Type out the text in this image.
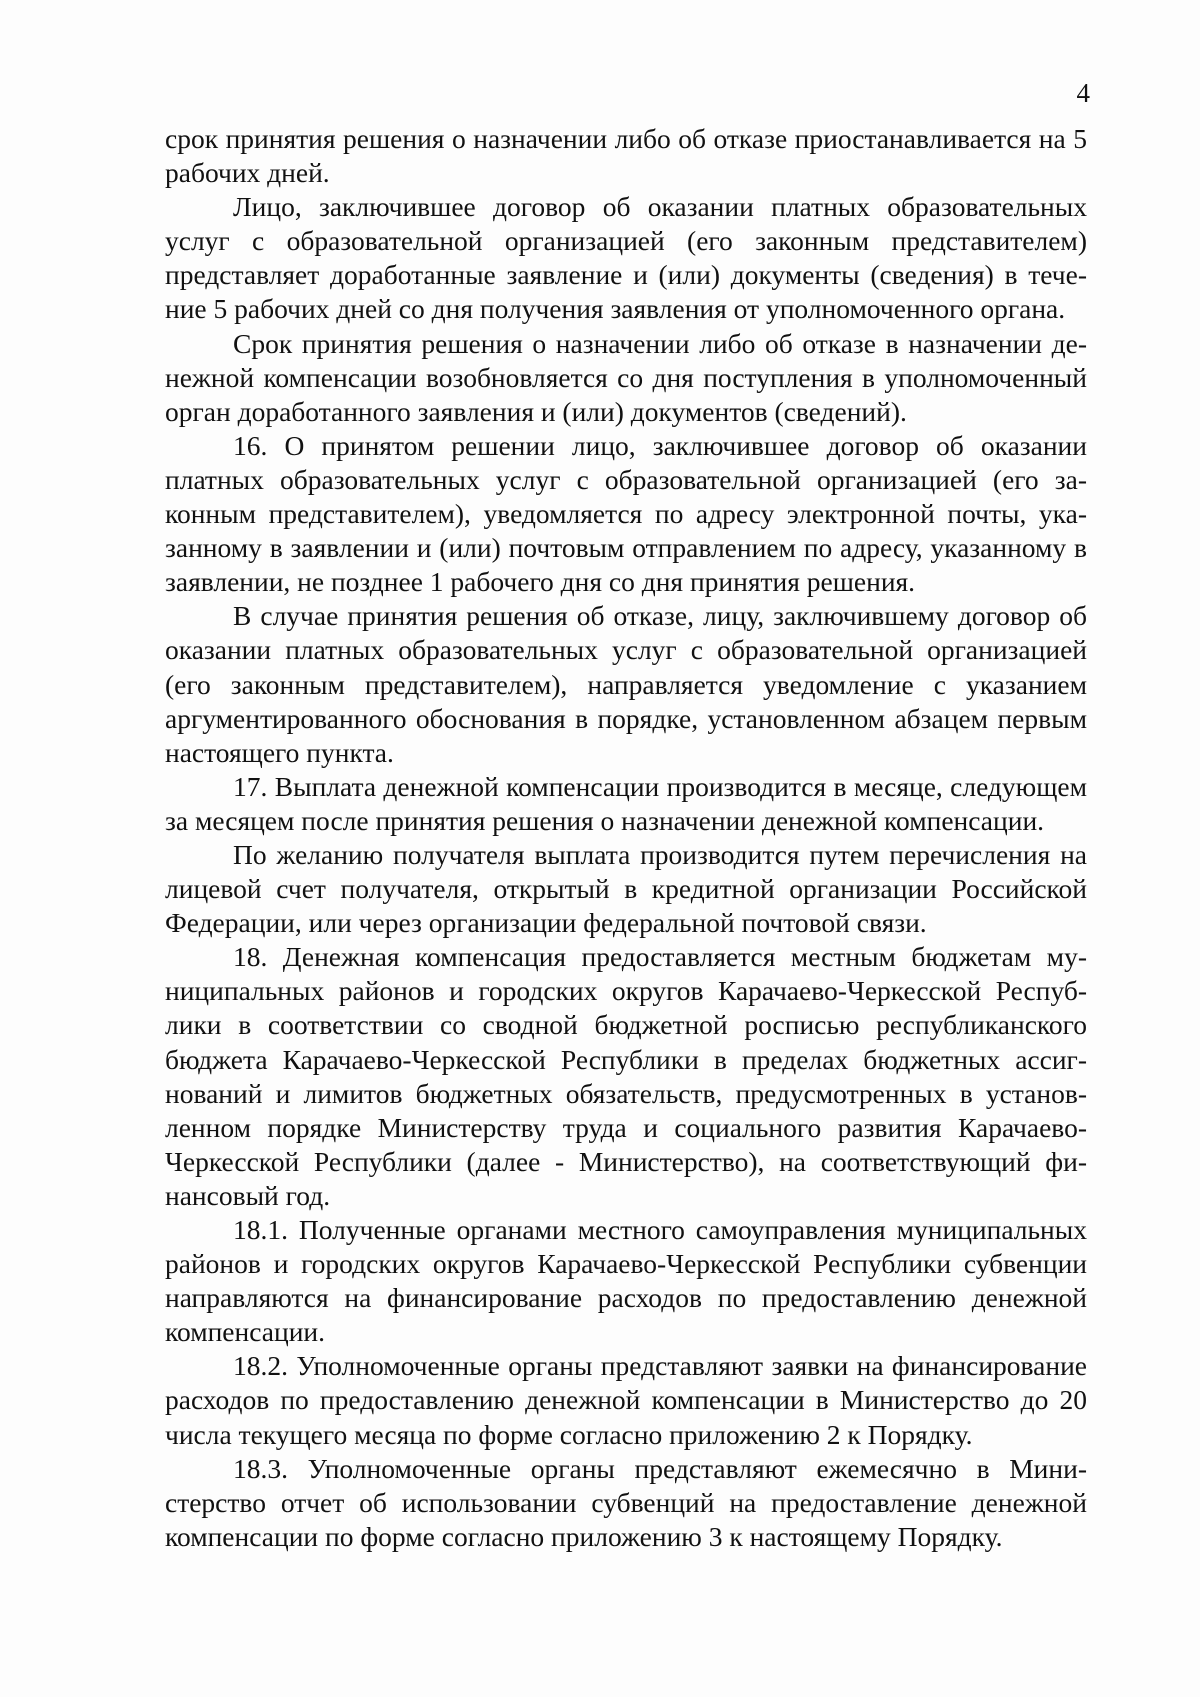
4

срок принятия решения о назначении либо об отказе приостанавливается на 5 рабочих дней.

Лицо, заключившее договор об оказании платных образовательных услуг с образовательной организацией (его законным представителем) представляет доработанные заявление и (или) документы (сведения) в течение 5 рабочих дней со дня получения заявления от уполномоченного органа.

Срок принятия решения о назначении либо об отказе в назначении денежной компенсации возобновляется со дня поступления в уполномоченный орган доработанного заявления и (или) документов (сведений).

16. О принятом решении лицо, заключившее договор об оказании платных образовательных услуг с образовательной организацией (его законным представителем), уведомляется по адресу электронной почты, указанному в заявлении и (или) почтовым отправлением по адресу, указанному в заявлении, не позднее 1 рабочего дня со дня принятия решения.

В случае принятия решения об отказе, лицу, заключившему договор об оказании платных образовательных услуг с образовательной организацией (его законным представителем), направляется уведомление с указанием аргументированного обоснования в порядке, установленном абзацем первым настоящего пункта.

17. Выплата денежной компенсации производится в месяце, следующем за месяцем после принятия решения о назначении денежной компенсации.

По желанию получателя выплата производится путем перечисления на лицевой счет получателя, открытый в кредитной организации Российской Федерации, или через организации федеральной почтовой связи.

18. Денежная компенсация предоставляется местным бюджетам муниципальных районов и городских округов Карачаево-Черкесской Республики в соответствии со сводной бюджетной росписью республиканского бюджета Карачаево-Черкесской Республики в пределах бюджетных ассигнований и лимитов бюджетных обязательств, предусмотренных в установленном порядке Министерству труда и социального развития Карачаево-Черкесской Республики (далее - Министерство), на соответствующий финансовый год.

18.1. Полученные органами местного самоуправления муниципальных районов и городских округов Карачаево-Черкесской Республики субвенции направляются на финансирование расходов по предоставлению денежной компенсации.

18.2. Уполномоченные органы представляют заявки на финансирование расходов по предоставлению денежной компенсации в Министерство до 20 числа текущего месяца по форме согласно приложению 2 к Порядку.

18.3. Уполномоченные органы представляют ежемесячно в Министерство отчет об использовании субвенций на предоставление денежной компенсации по форме согласно приложению 3 к настоящему Порядку.
